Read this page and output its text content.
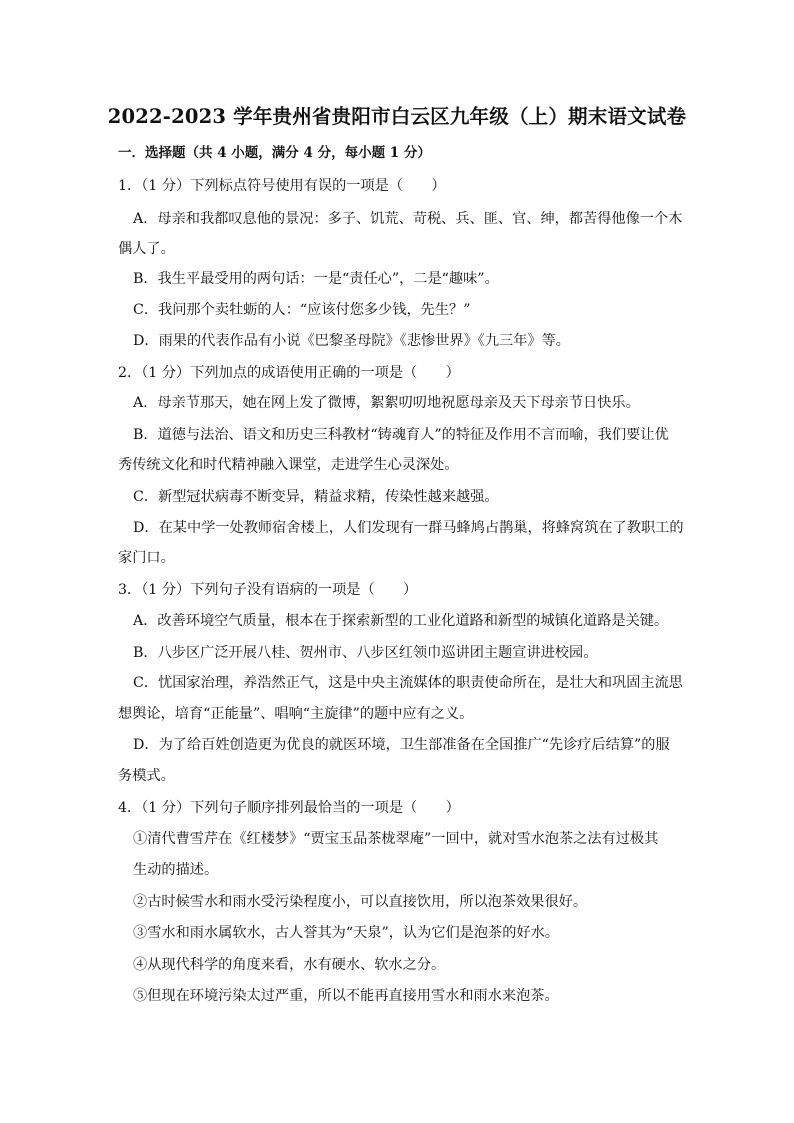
2022-2023 学年贵州省贵阳市白云区九年级（上）期末语文试卷
一．选择题（共 4 小题，满分 4 分，每小题 1 分）
1．（1 分）下列标点符号使用有误的一项是（　　）
A．母亲和我都叹息他的景况：多子、饥荒、苛税、兵、匪、官、绅，都苦得他像一个木
偶人了。
B．我生平最受用的两句话：一是“责任心”，二是“趣味”。
C．我问那个卖牡蛎的人：“应该付您多少钱，先生？”
D．雨果的代表作品有小说《巴黎圣母院》《悲惨世界》《九三年》等。
2．（1 分）下列加点的成语使用正确的一项是（　　）
A．母亲节那天，她在网上发了微博，絮絮叨叨地祝愿母亲及天下母亲节日快乐。
B．道德与法治、语文和历史三科教材“铸魂育人”的特征及作用不言而喻，我们要让优
秀传统文化和时代精神融入课堂，走进学生心灵深处。
C．新型冠状病毒不断变异，精益求精，传染性越来越强。
D．在某中学一处教师宿舍楼上，人们发现有一群马蜂鸠占鹊巢，将蜂窝筑在了教职工的
家门口。
3．（1 分）下列句子没有语病的一项是（　　）
A．改善环境空气质量，根本在于探索新型的工业化道路和新型的城镇化道路是关键。
B．八步区广泛开展八桂、贺州市、八步区红领巾巡讲团主题宣讲进校园。
C．忧国家治理，养浩然正气，这是中央主流媒体的职责使命所在，是壮大和巩固主流思
想舆论，培育“正能量”、唱响“主旋律”的题中应有之义。
D．为了给百姓创造更为优良的就医环境，卫生部准备在全国推广“先诊疗后结算”的服
务模式。
4．（1 分）下列句子顺序排列最恰当的一项是（　　）
①清代曹雪芹在《红楼梦》“贾宝玉品茶栊翠庵”一回中，就对雪水泡茶之法有过极其
生动的描述。
②古时候雪水和雨水受污染程度小，可以直接饮用，所以泡茶效果很好。
③雪水和雨水属软水，古人誉其为“天泉”，认为它们是泡茶的好水。
④从现代科学的角度来看，水有硬水、软水之分。
⑤但现在环境污染太过严重，所以不能再直接用雪水和雨水来泡茶。
